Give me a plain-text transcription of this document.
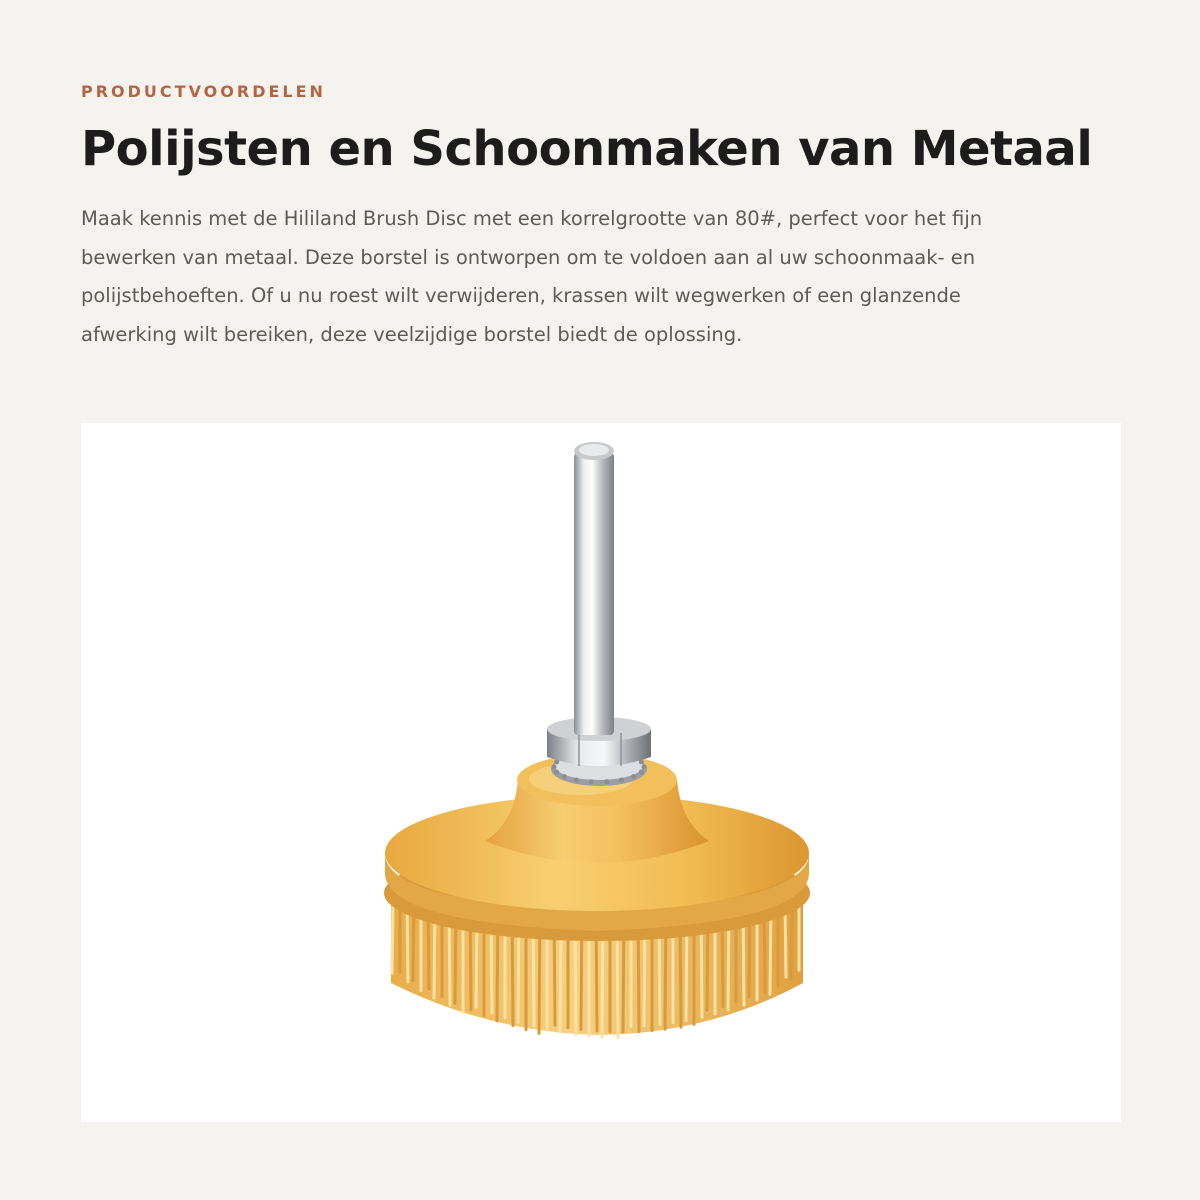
PRODUCTVOORDELEN

Polijsten en Schoonmaken van Metaal

Maak kennis met de Hililand Brush Disc met een korrelgrootte van 80#, perfect voor het fijn bewerken van metaal. Deze borstel is ontworpen om te voldoen aan al uw schoonmaak- en polijstbehoeften. Of u nu roest wilt verwijderen, krassen wilt wegwerken of een glanzende afwerking wilt bereiken, deze veelzijdige borstel biedt de oplossing.
